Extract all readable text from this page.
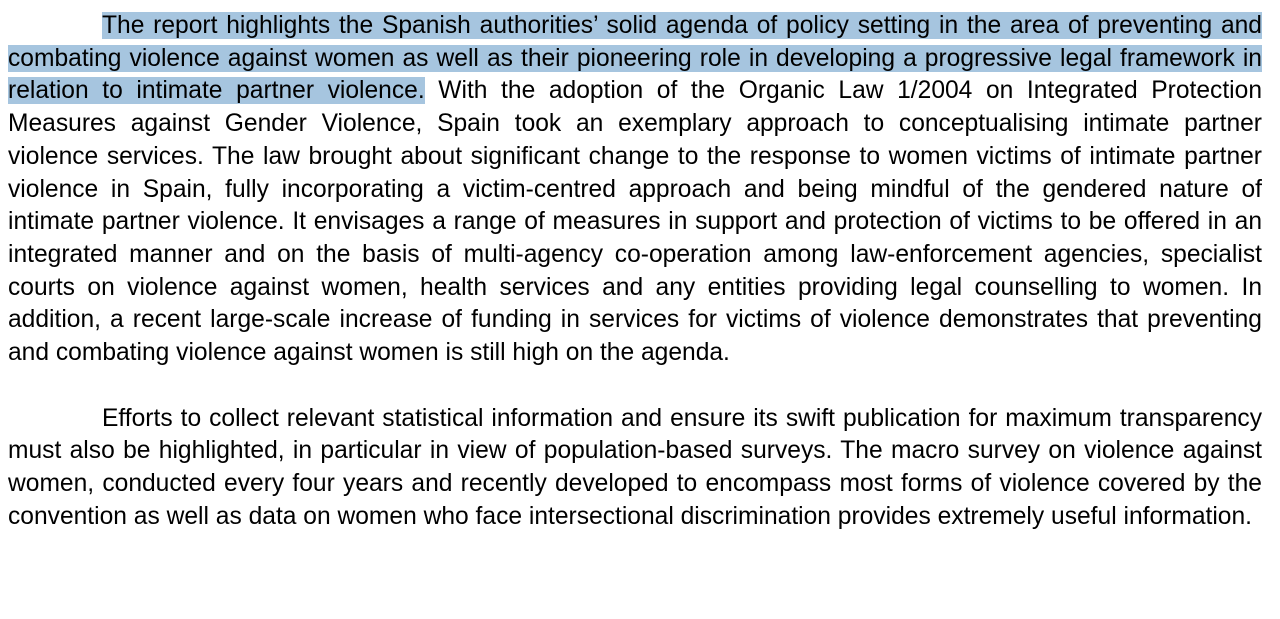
The report highlights the Spanish authorities’ solid agenda of policy setting in the area of preventing and combating violence against women as well as their pioneering role in developing a progressive legal framework in relation to intimate partner violence. With the adoption of the Organic Law 1/2004 on Integrated Protection Measures against Gender Violence, Spain took an exemplary approach to conceptualising intimate partner violence services. The law brought about significant change to the response to women victims of intimate partner violence in Spain, fully incorporating a victim-centred approach and being mindful of the gendered nature of intimate partner violence. It envisages a range of measures in support and protection of victims to be offered in an integrated manner and on the basis of multi-agency co-operation among law-enforcement agencies, specialist courts on violence against women, health services and any entities providing legal counselling to women. In addition, a recent large-scale increase of funding in services for victims of violence demonstrates that preventing and combating violence against women is still high on the agenda.

Efforts to collect relevant statistical information and ensure its swift publication for maximum transparency must also be highlighted, in particular in view of population-based surveys. The macro survey on violence against women, conducted every four years and recently developed to encompass most forms of violence covered by the convention as well as data on women who face intersectional discrimination provides extremely useful information.
